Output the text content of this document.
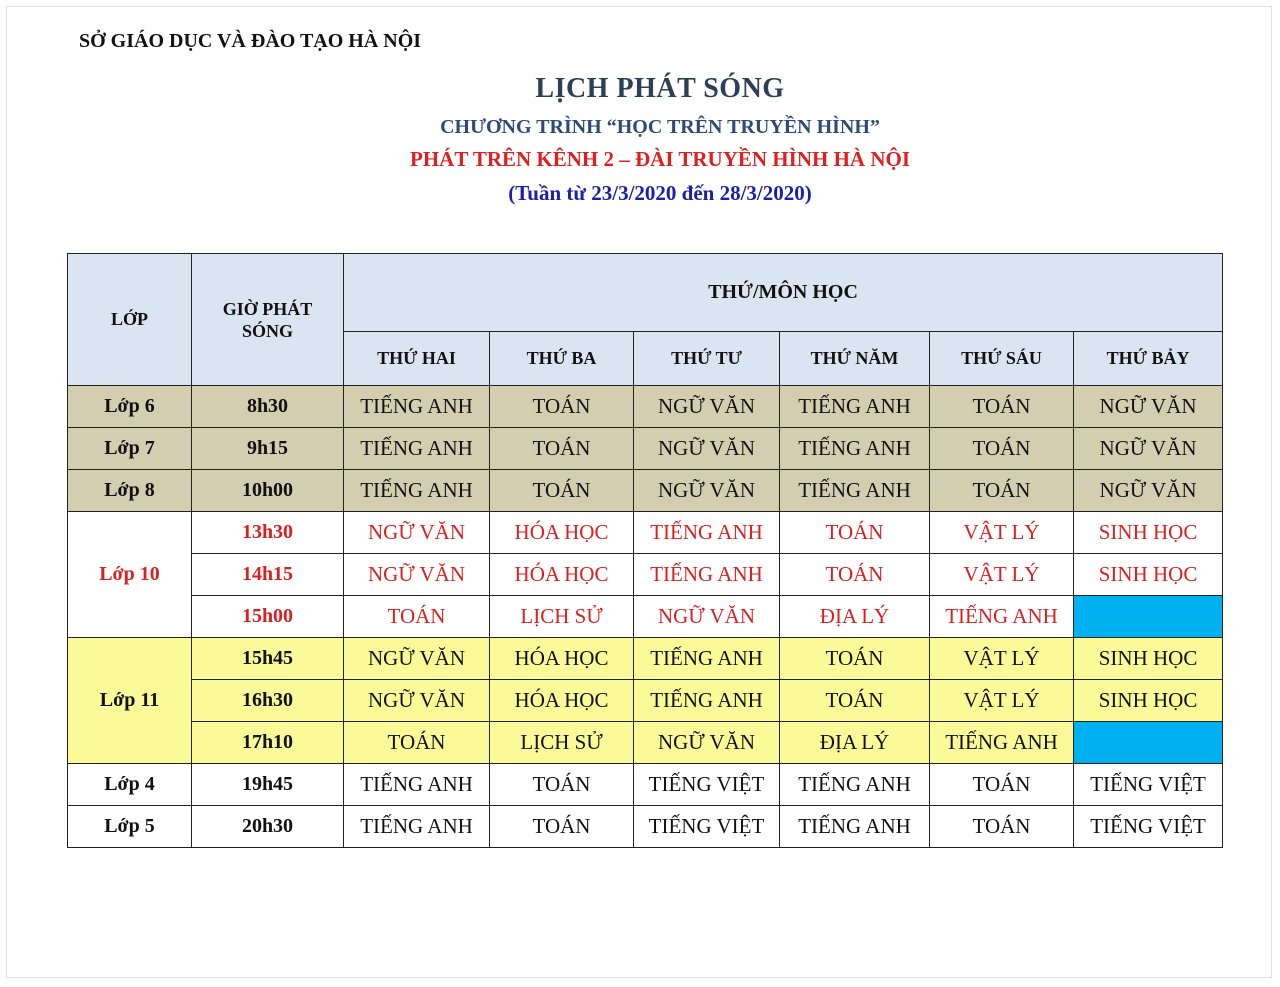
SỞ GIÁO DỤC VÀ ĐÀO TẠO HÀ NỘI
LỊCH PHÁT SÓNG
CHƯƠNG TRÌNH “HỌC TRÊN TRUYỀN HÌNH”
PHÁT TRÊN KÊNH 2 – ĐÀI TRUYỀN HÌNH HÀ NỘI
(Tuần từ 23/3/2020 đến 28/3/2020)
LỚP	GIỜ PHÁT SÓNG	THỨ/MÔN HỌC					
		THỨ HAI	THỨ BA	THỨ TƯ	THỨ NĂM	THỨ SÁU	THỨ BẢY
Lớp 6	8h30	TIẾNG ANH	TOÁN	NGỮ VĂN	TIẾNG ANH	TOÁN	NGỮ VĂN
Lớp 7	9h15	TIẾNG ANH	TOÁN	NGỮ VĂN	TIẾNG ANH	TOÁN	NGỮ VĂN
Lớp 8	10h00	TIẾNG ANH	TOÁN	NGỮ VĂN	TIẾNG ANH	TOÁN	NGỮ VĂN
Lớp 10	13h30	NGỮ VĂN	HÓA HỌC	TIẾNG ANH	TOÁN	VẬT LÝ	SINH HỌC
	14h15	NGỮ VĂN	HÓA HỌC	TIẾNG ANH	TOÁN	VẬT LÝ	SINH HỌC
	15h00	TOÁN	LỊCH SỬ	NGỮ VĂN	ĐỊA LÝ	TIẾNG ANH	
Lớp 11	15h45	NGỮ VĂN	HÓA HỌC	TIẾNG ANH	TOÁN	VẬT LÝ	SINH HỌC
	16h30	NGỮ VĂN	HÓA HỌC	TIẾNG ANH	TOÁN	VẬT LÝ	SINH HỌC
	17h10	TOÁN	LỊCH SỬ	NGỮ VĂN	ĐỊA LÝ	TIẾNG ANH	
Lớp 4	19h45	TIẾNG ANH	TOÁN	TIẾNG VIỆT	TIẾNG ANH	TOÁN	TIẾNG VIỆT
Lớp 5	20h30	TIẾNG ANH	TOÁN	TIẾNG VIỆT	TIẾNG ANH	TOÁN	TIẾNG VIỆT
